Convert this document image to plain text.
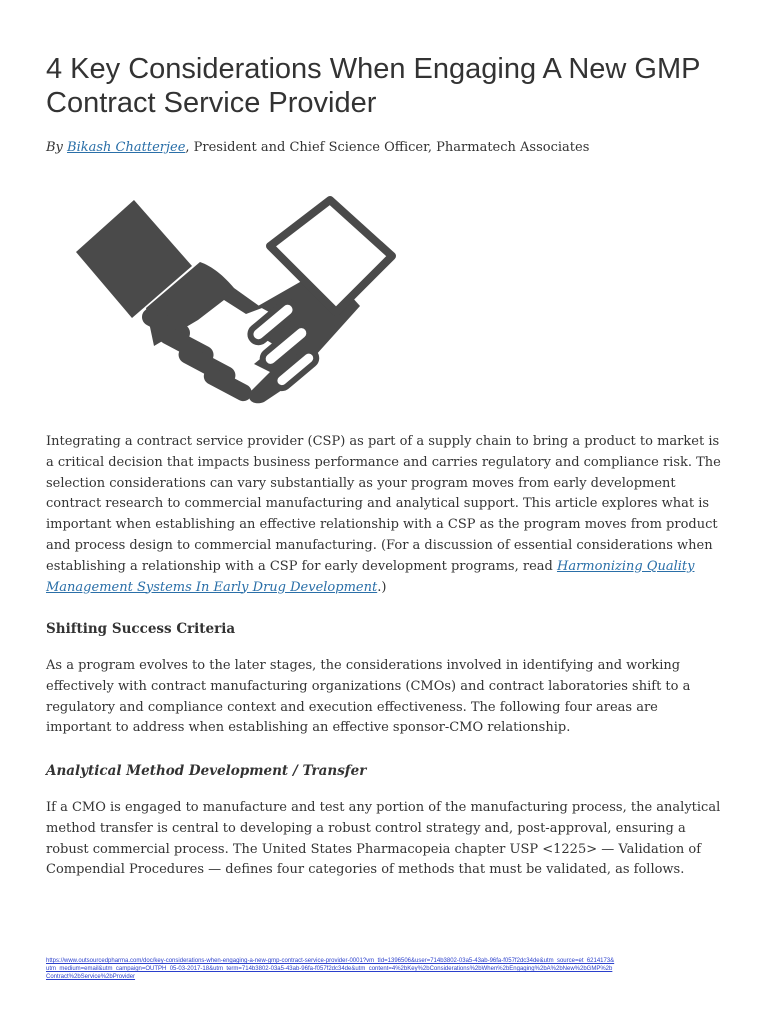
4 Key Considerations When Engaging A New GMP Contract Service Provider
By Bikash Chatterjee, President and Chief Science Officer, Pharmatech Associates

Integrating a contract service provider (CSP) as part of a supply chain to bring a product to market is a critical decision that impacts business performance and carries regulatory and compliance risk. The selection considerations can vary substantially as your program moves from early development contract research to commercial manufacturing and analytical support. This article explores what is important when establishing an effective relationship with a CSP as the program moves from product and process design to commercial manufacturing. (For a discussion of essential considerations when establishing a relationship with a CSP for early development programs, read Harmonizing Quality Management Systems In Early Drug Development.)

Shifting Success Criteria

As a program evolves to the later stages, the considerations involved in identifying and working effectively with contract manufacturing organizations (CMOs) and contract laboratories shift to a regulatory and compliance context and execution effectiveness. The following four areas are important to address when establishing an effective sponsor-CMO relationship.

Analytical Method Development / Transfer

If a CMO is engaged to manufacture and test any portion of the manufacturing process, the analytical method transfer is central to developing a robust control strategy and, post-approval, ensuring a robust commercial process. The United States Pharmacopeia chapter USP <1225> — Validation of Compendial Procedures — defines four categories of methods that must be validated, as follows.

https://www.outsourcedpharma.com/doc/key-considerations-when-engaging-a-new-gmp-contract-service-provider-0001?vm_tId=1396506&user=714b3802-03a5-43ab-96fa-f057f2dc34de&utm_source=et_6214173&utm_medium=email&utm_campaign=OUTPH_05-03-2017-18&utm_term=714b3802-03a5-43ab-96fa-f057f2dc34de&utm_content=4%2bKey%2bConsiderations%2bWhen%2bEngaging%2bA%2bNew%2bGMP%2bContract%2bService%2bProvider
